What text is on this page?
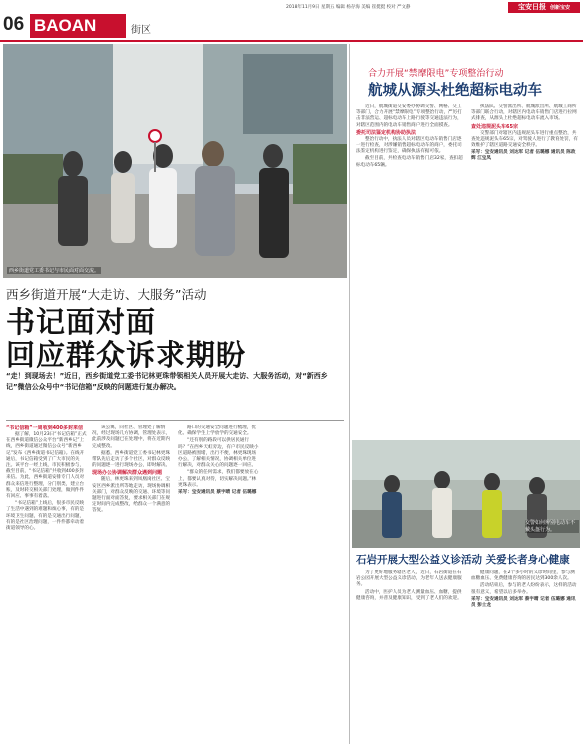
2018年11月9日 星期五 编辑 杨存海 美编 崔挺挺 校对 严文静	宝安日报 创新宝安
06 BAOAN	街区
西乡街道党工委书记与市民面对面交流。
西乡街道开展“大走访、大服务”活动
书记面对面
回应群众诉求期盼
“走！到现场去！”近日，西乡街道党工委书记林更珠带领相关人员开展大走访、大服务活动，对“新西乡记”微信公众号中“书记信箱”反映的问题进行复办解决。
“书记信箱”一周收到400多封来信

据了解，10月23日“书记信箱”正式在西乡街道微信公众平台“新西乡记”上线，西乡街道通过微信公众号“新西乡记”发布《西乡街道书记信箱》。在线开通后，书记信箱受到了广大市民的关注。该平台一经上线，市民积极参与，截至目前，“书记信箱”共收到400多封来信。为此，西乡街道安排专门人员对群众来信进行整理，分门别类，建立台账，及时转交相关部门处理，做到件件有回应、事事有着落。

“书记信箱”上线后，很多市民反映了生活中遇到的难题和烦心事，有的是环境卫生问题，有的是交通出行问题，有的是社区治理问题，一件件都牵动着街道领导的心。

该公寓，向社区、管理处了解情况，经过现场几方协调，管理处表示，此前涉及问题已在处理中，将在近期内完成整改。

据悉，西乡街道党工委书记林更珠带队先后走访了多个社区，对群众反映的问题逐一进行现场办公，即时解决。

现场办公协调解决群众遇到问题

随后，林更珠来到凤凰岗社区、宝安区西乡派出所等地走访，现场协调相关部门，对群众反映的交通、环境等问题进行面对面答复，要求相关部门在规定时间内完成整改，给群众一个满意的答复。

路口的交通安全问题进行梳理，优化、确保学生上学放学的交通安全。

“还有别的路段可以供居民通行吗？”在西乡天虹旁边，有户市民反映小区道路被围堵，出行不便，林更珠现场办公，了解相关情况，协调相关单位进行解决，对群众关心的问题逐一回应。

“群众的任何需求，我们都要放在心上，都要认真对待，切实解决问题。”林更珠表示。

采写：宝安通讯员 蔡宇晴 记者 伍璐娜

合力开展“禁摩限电”专项整治行动
航城从源头杜绝超标电动车

近日，航城街道交安委办协调交警、网格、交工等部门，合力开展“禁摩限电”专项整治行动，严厉打击非法营运、超标电动车上路行驶等交通违法行为，对辖区范围内的电动车销售商户进行全面摸查。

委托司法鉴定机构协助执法

整治行动中，执法人员对辖区电动车销售门店逐一进行检查，对涉嫌销售超标电动车的商户，委托司法鉴定机构进行鉴定，确保执法有据可依。

截至目前，共检查电动车销售门店32家，查扣超标电动车65辆。

执法队、交警派出所、航城派出所、航城工商所等部门联合行动，对辖区内电动车销售门店进行拉网式排查，从源头上杜绝超标电动车流入市场。

查处违规泥头车65宗

交警部门对辖区内违规泥头车进行重点整治，共查处违规泥头车65宗，对驾驶人进行了教育处罚，有效维护了辖区道路交通安全秩序。

采写：宝安通讯员 刘达军 记者 伍璐娜 通讯员 陈政辉 江宝凤

交警如何辨别电动车不戴头盔行为。
石岩开展大型公益义诊活动 关爱长者身心健康

为了更好地服务辖区老人，近日，石岩街道在石岩公园开展大型公益义诊活动，为老年人送去健康服务。

活动中，医护人员为老人测量血压、血糖，提供健康咨询，并普及健康知识，受到了老人们的欢迎。

健康问题，在2个多小时的义诊时间里，参与测血糖血压、免费健康咨询的居民达到300余人次。

活动结束后，参与的老人纷纷表示，这样的活动很有意义，希望以后多举办。

采写：宝安通讯员 刘达军 蔡宇晴 记者 伍璐娜 通讯员 彭士龙
